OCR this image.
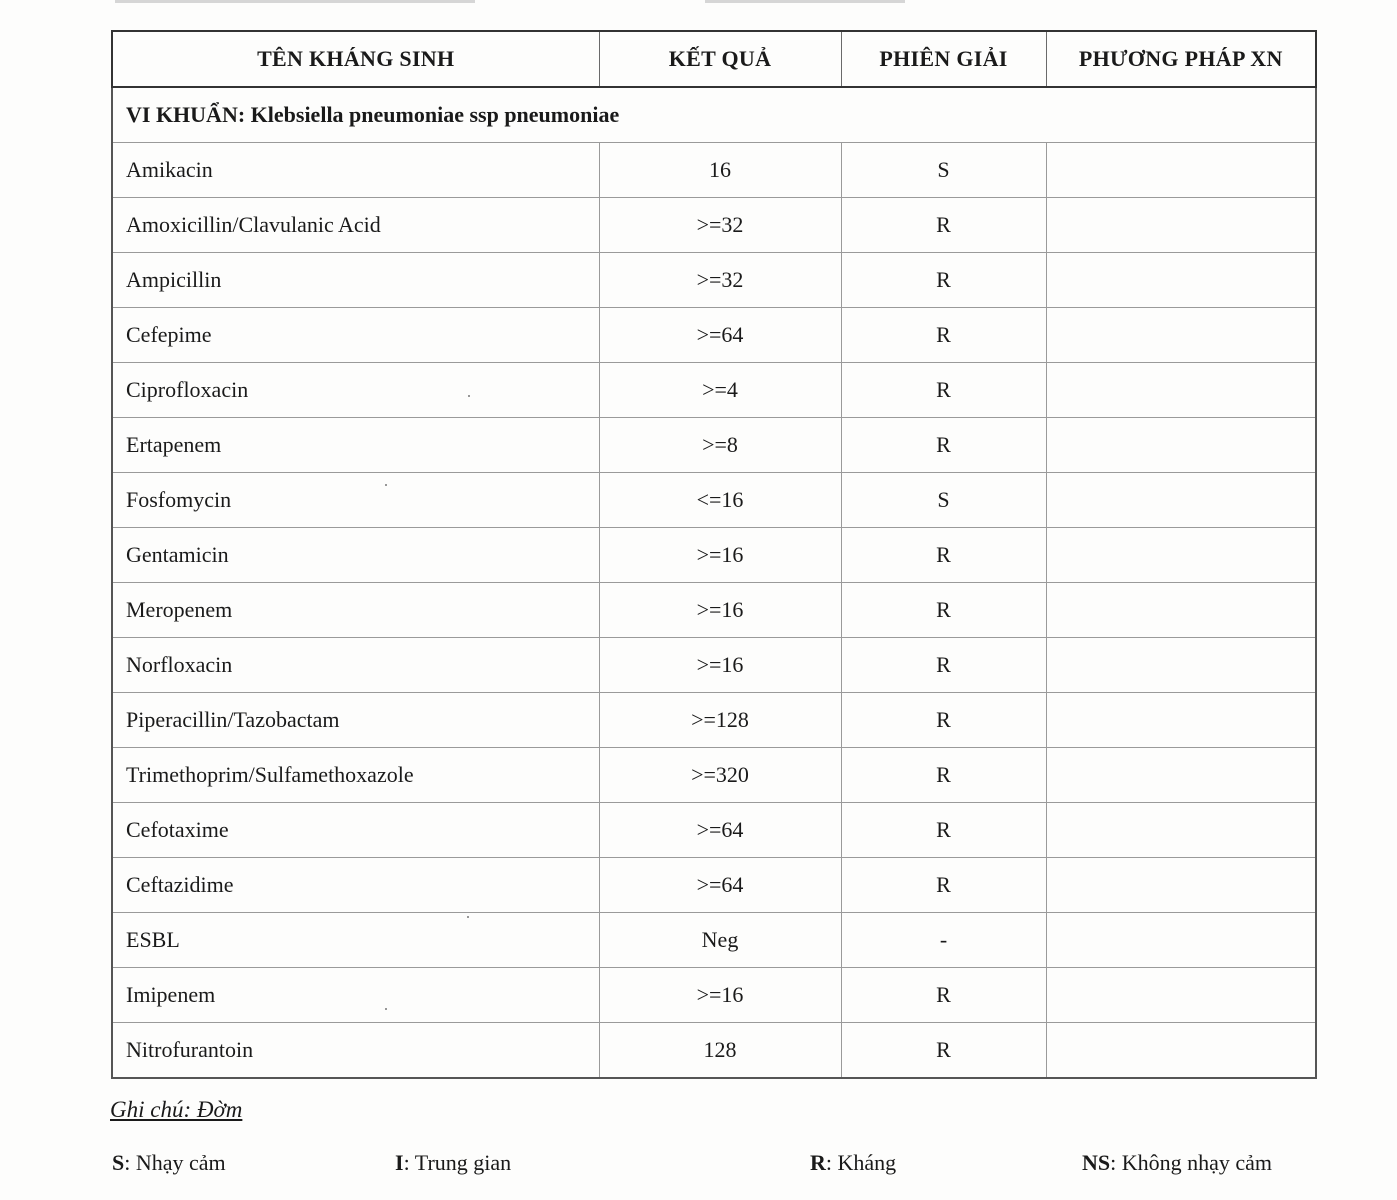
TÊN KHÁNG SINH	KẾT QUẢ	PHIÊN GIẢI	PHƯƠNG PHÁP XN
VI KHUẨN: Klebsiella pneumoniae ssp pneumoniae			
Amikacin	16	S	
Amoxicillin/Clavulanic Acid	>=32	R	
Ampicillin	>=32	R	
Cefepime	>=64	R	
Ciprofloxacin	>=4	R	
Ertapenem	>=8	R	
Fosfomycin	<=16	S	
Gentamicin	>=16	R	
Meropenem	>=16	R	
Norfloxacin	>=16	R	
Piperacillin/Tazobactam	>=128	R	
Trimethoprim/Sulfamethoxazole	>=320	R	
Cefotaxime	>=64	R	
Ceftazidime	>=64	R	
ESBL	Neg	-	
Imipenem	>=16	R	
Nitrofurantoin	128	R	
Ghi chú: Đờm
S: Nhạy cảm	I: Trung gian	R: Kháng	NS: Không nhạy cảm
